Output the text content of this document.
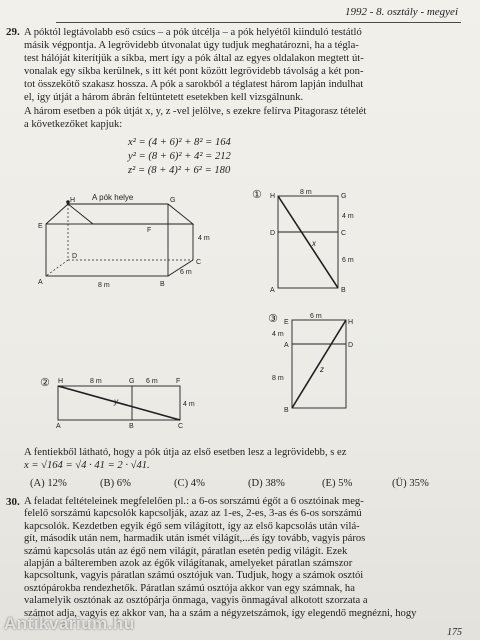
1992 - 8. osztály - megyei
29. A póktól legtávolabb eső csúcs – a pók útcélja – a pók helyétől kiinduló testátló

másik végpontja. A legrövidebb útvonalat úgy tudjuk meghatározni, ha a tégla-

test hálóját kiterítjük a síkba, mert így a pók által az egyes oldalakon megtett út-

vonalak egy síkba kerülnek, s itt két pont között legrövidebb távolság a két pon-

tot összekötő szakasz hossza. A pók a sarokból a téglatest három lapján indulhat

el, így útját a három ábrán feltüntetett esetekben kell vizsgálnunk.

A három esetben a pók útját x, y, z -vel jelölve, s ezekre felírva Pitagorasz tételét

a következőket kapjuk:

x² = (4 + 6)² + 8² = 164
y² = (8 + 6)² + 4² = 212
z² = (8 + 4)² + 6² = 180
A pók helye
H	G
E
F
D
C
A	B
8 m
4 m
6 m
① H	G
D	C
A	B
8 m
4 m
6 m
x
③ E	H
A	D
B
6 m
4 m
8 m
z
② H	G	F
A	B	C
8 m	6 m
4 m
y

A fentiekből látható, hogy a pók útja az első esetben lesz a legrövidebb, s ez

x = √164 = √4 · 41 = 2 · √41.

(A) 12%	(B) 6%	(C) 4%	(D) 38%	(E) 5%	(Ü) 35%
30. A feladat feltételeinek megfelelően pl.: a 6-os sorszámú égőt a 6 osztóinak meg-

felelő sorszámú kapcsolók kapcsolják, azaz az 1-es, 2-es, 3-as és 6-os sorszámú

kapcsolók. Kezdetben egyik égő sem világított, így az első kapcsolás után vilá-

gít, második után nem, harmadik után ismét világít,...és így tovább, vagyis páros

számú kapcsolás után az égő nem világít, páratlan esetén pedig világít. Ezek

alapján a bálteremben azok az égők világítanak, amelyeket páratlan számszor

kapcsoltunk, vagyis páratlan számú osztójuk van. Tudjuk, hogy a számok osztói

osztópárokba rendezhetők. Páratlan számú osztója akkor van egy számnak, ha

valamelyik osztónak az osztópárja önmaga, vagyis önmagával alkotott szorzata a

számot adja, vagyis ez akkor van, ha a szám a négyzetszámok, így elegendő megnézni, hogy

Antikvarium.hu	175
